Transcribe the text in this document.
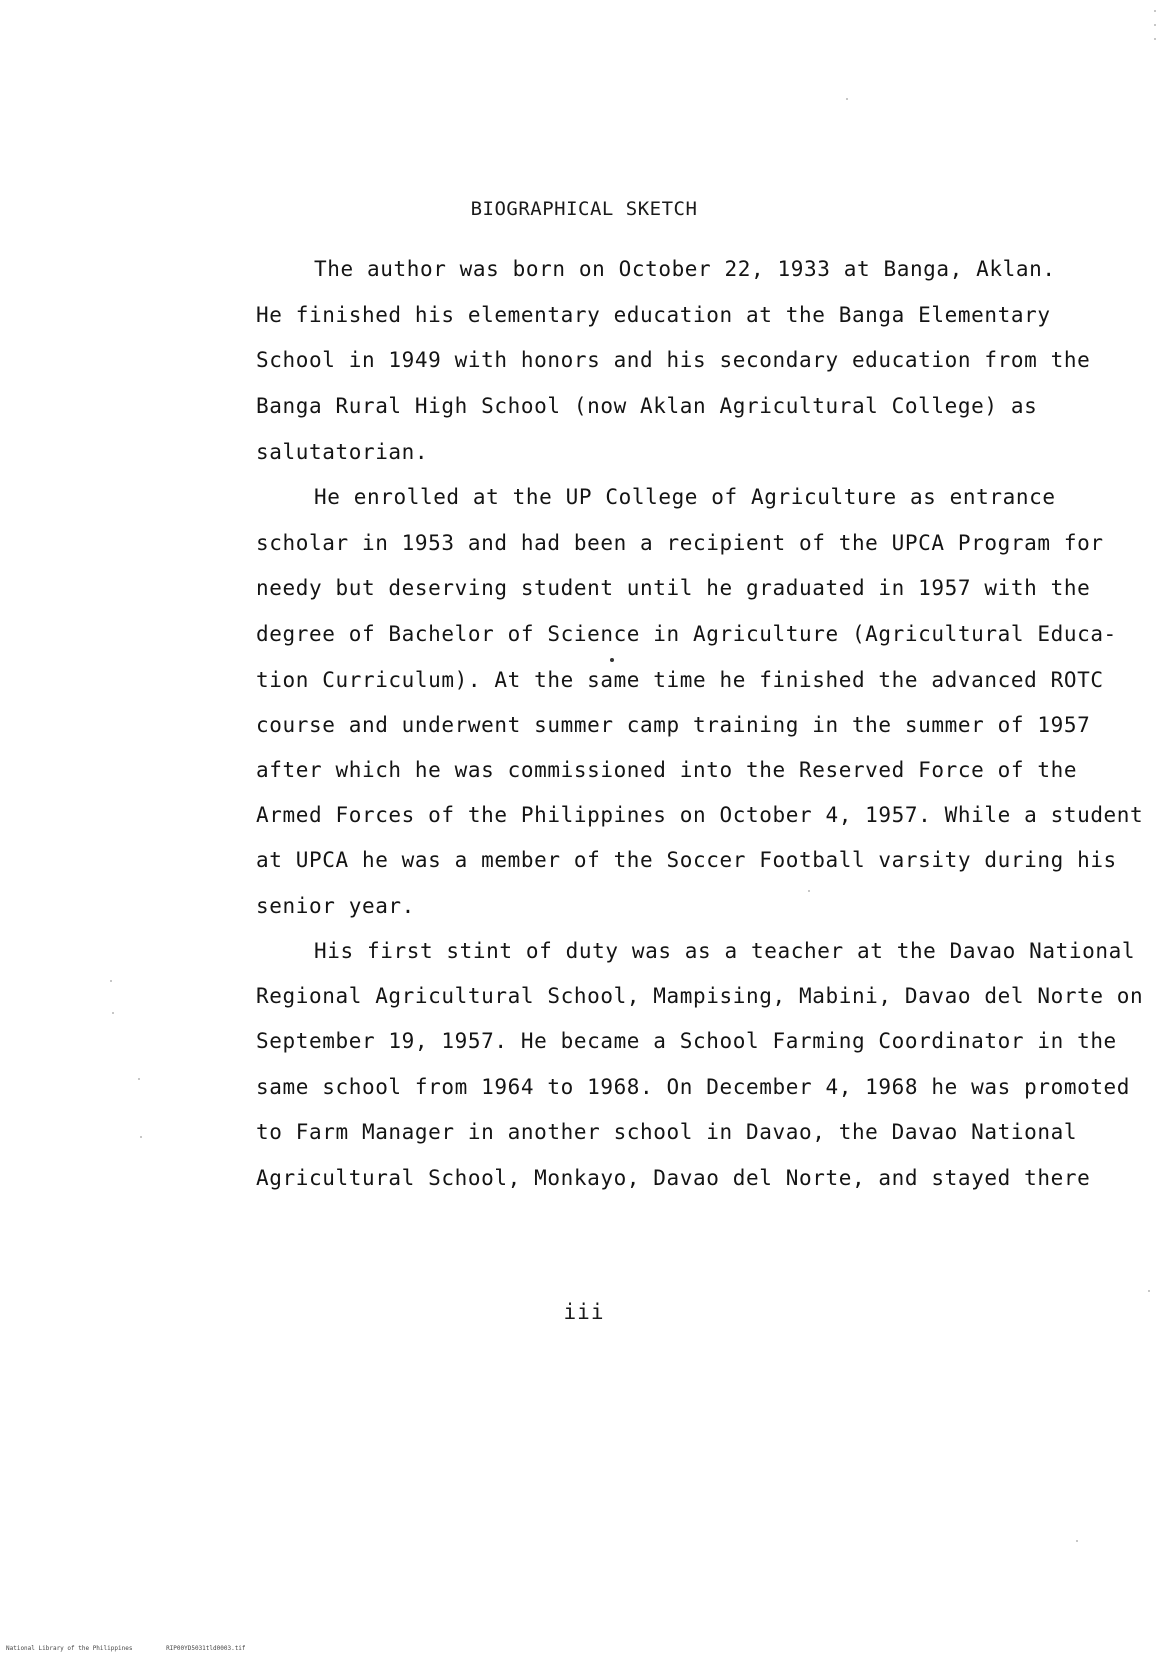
BIOGRAPHICAL SKETCH
The author was born on October 22, 1933 at Banga, Aklan.
He finished his elementary education at the Banga Elementary
School in 1949 with honors and his secondary education from the
Banga Rural High School (now Aklan Agricultural College) as
salutatorian.
He enrolled at the UP College of Agriculture as entrance
scholar in 1953 and had been a recipient of the UPCA Program for
needy but deserving student until he graduated in 1957 with the
degree of Bachelor of Science in Agriculture (Agricultural Educa-
tion Curriculum). At the same time he finished the advanced ROTC
course and underwent summer camp training in the summer of 1957
after which he was commissioned into the Reserved Force of the
Armed Forces of the Philippines on October 4, 1957. While a student
at UPCA he was a member of the Soccer Football varsity during his
senior year.
His first stint of duty was as a teacher at the Davao National
Regional Agricultural School, Mampising, Mabini, Davao del Norte on
September 19, 1957. He became a School Farming Coordinator in the
same school from 1964 to 1968. On December 4, 1968 he was promoted
to Farm Manager in another school in Davao, the Davao National
Agricultural School, Monkayo, Davao del Norte, and stayed there
iii
National Library of the Philippines	RIP00YD5031tld0003.tif
